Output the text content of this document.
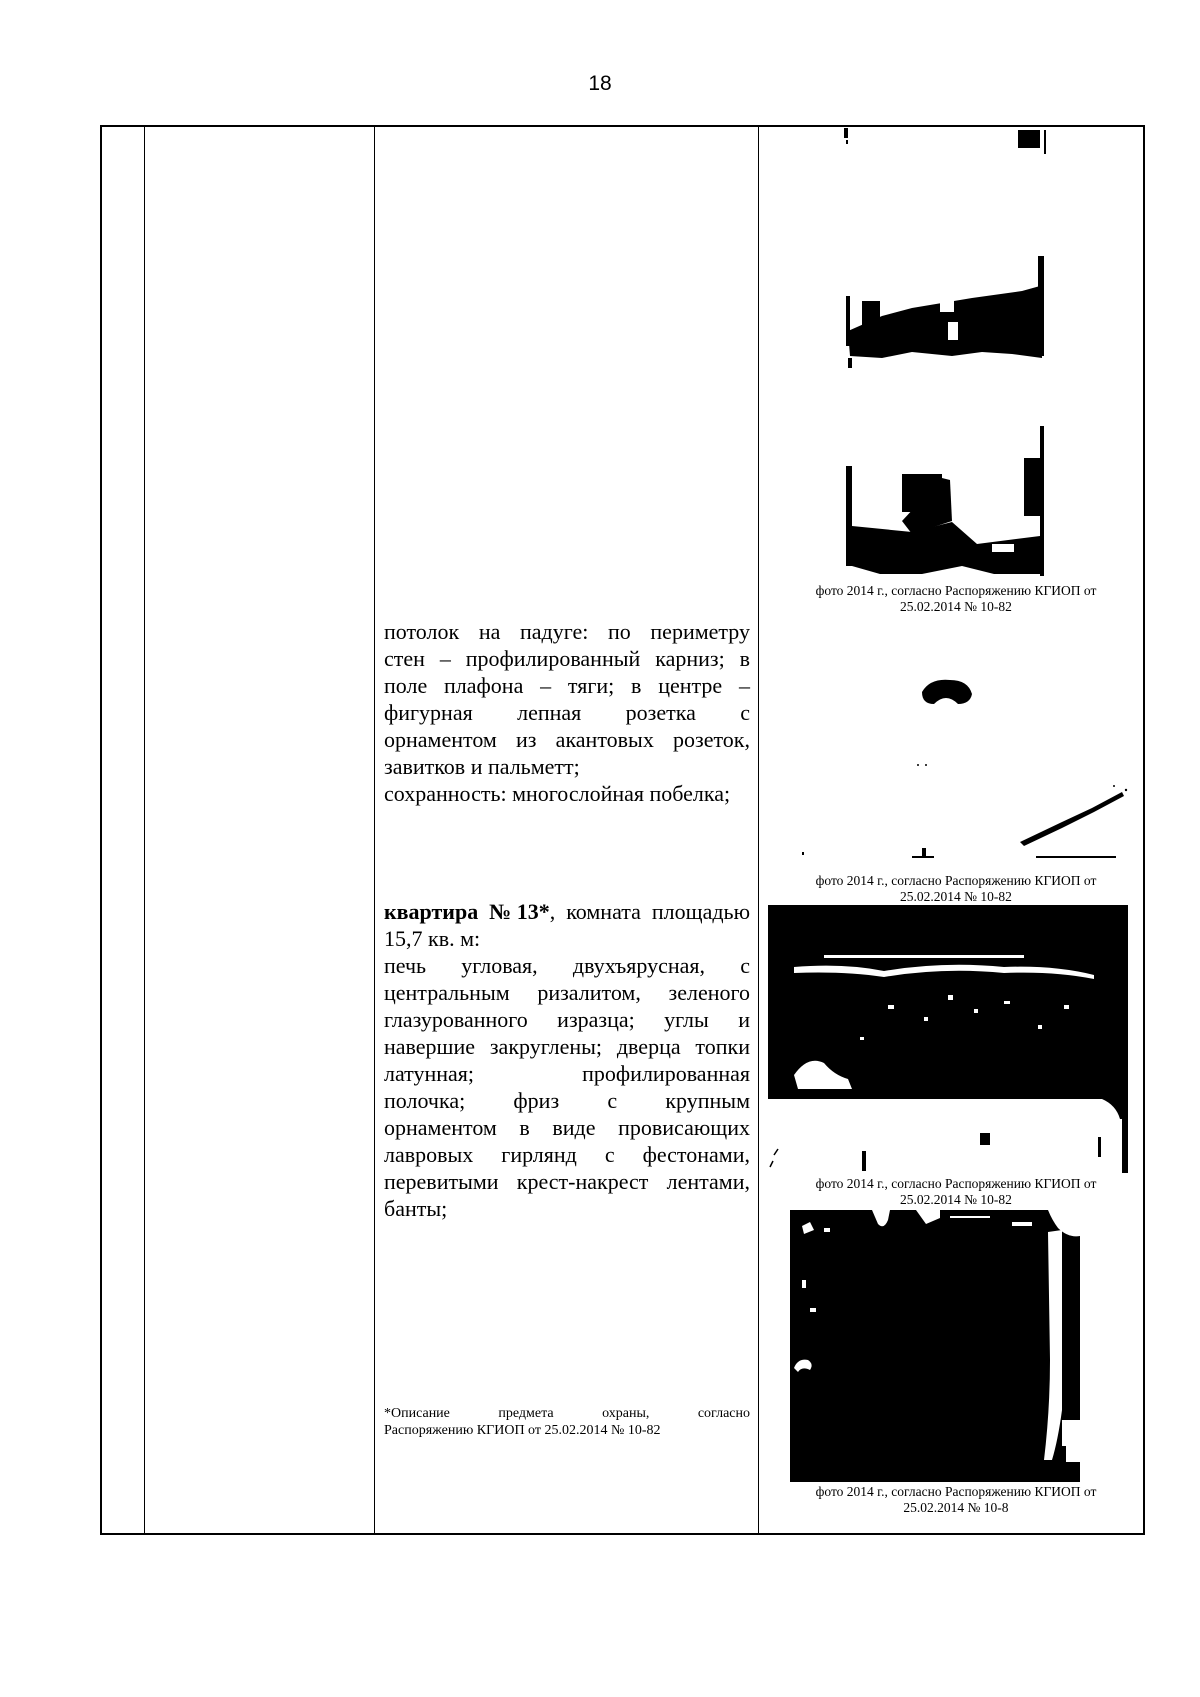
18

потолок на падуге: по периметру

стен – профилированный карниз; в

поле плафона – тяги; в центре –

фигурная лепная розетка с

орнаментом из акантовых розеток,

завитков и пальметт;

сохранность: многослойная побелка;

квартира №13*, комната площадью

15,7 кв. м:

печь угловая, двухъярусная, с

центральным ризалитом, зеленого

глазурованного изразца; углы и

навершие закруглены; дверца топки

латунная; профилированная

полочка; фриз с крупным

орнаментом в виде провисающих

лавровых гирлянд с фестонами,

перевитыми крест-накрест лентами,

банты;

*Описание предмета охраны, согласно
Распоряжению КГИОП от 25.02.2014 № 10-82
фото 2014 г., согласно Распоряжению КГИОП от
25.02.2014 № 10-82
фото 2014 г., согласно Распоряжению КГИОП от
25.02.2014 № 10-82
фото 2014 г., согласно Распоряжению КГИОП от
25.02.2014 № 10-82
фото 2014 г., согласно Распоряжению КГИОП от
25.02.2014 № 10-8
